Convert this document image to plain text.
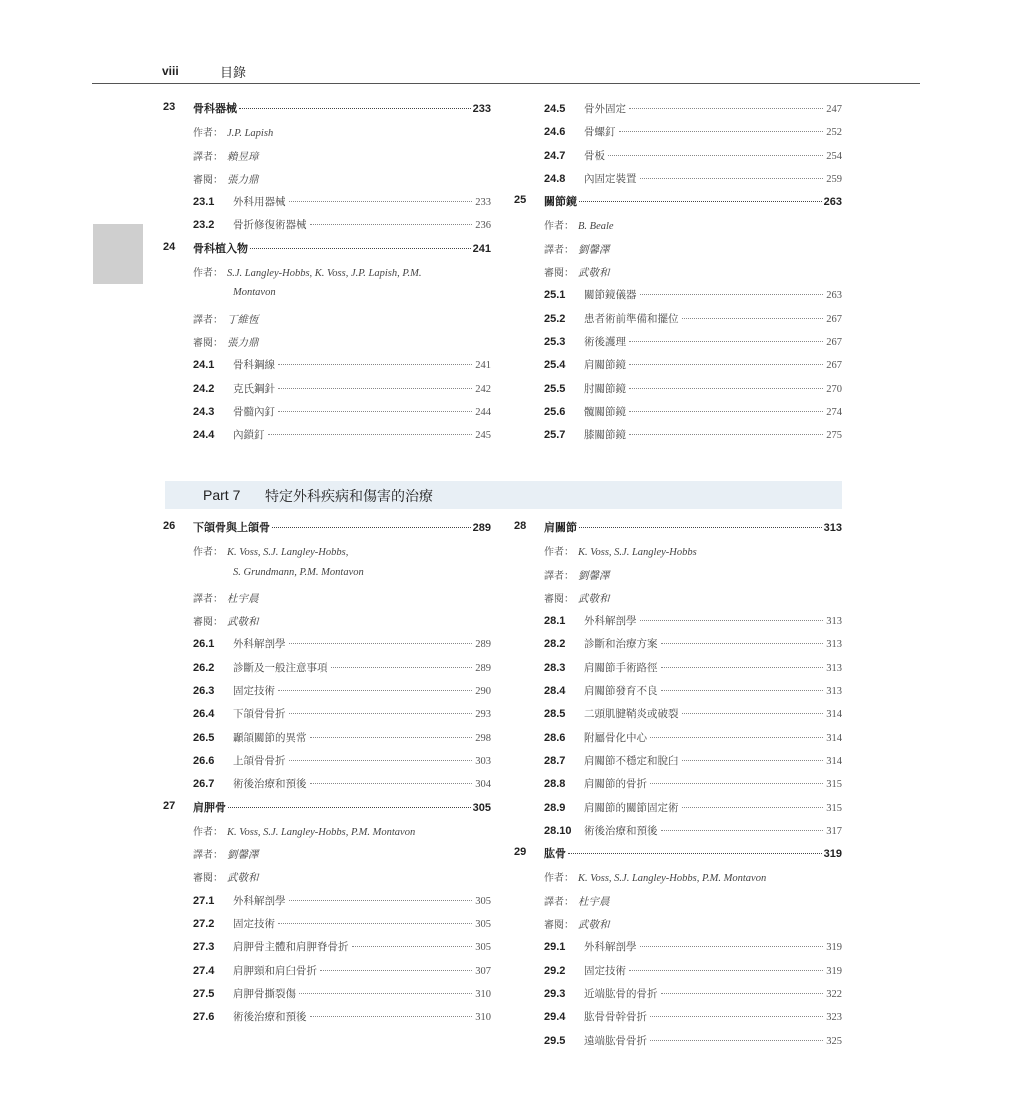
viii	目錄
23 骨科器械	233
作者： J.P. Lapish
譯者： 賴昱璋
審閱： 張力鼎
23.1	外科用器械	233
23.2	骨折修復術器械	236
24 骨科植入物	241
作者： S.J. Langley-Hobbs, K. Voss, J.P. Lapish, P.M.
Montavon
譯者： 丁維恆
審閱： 張力鼎
24.1	骨科鋼線	241
24.2	克氏鋼針	242
24.3	骨髓內釘	244
24.4	內鎖釘	245
24.5	骨外固定	247
24.6	骨螺釘	252
24.7	骨板	254
24.8	內固定裝置	259
25 關節鏡	263
作者： B. Beale
譯者： 劉馨澤
審閱： 武敬和
25.1	關節鏡儀器	263
25.2	患者術前準備和擺位	267
25.3	術後護理	267
25.4	肩關節鏡	267
25.5	肘關節鏡	270
25.6	髖關節鏡	274
25.7	膝關節鏡	275
Part 7 特定外科疾病和傷害的治療
26 下頜骨與上頜骨	289
作者： K. Voss, S.J. Langley-Hobbs,
S. Grundmann, P.M. Montavon
譯者： 杜宇晨
審閱： 武敬和
26.1	外科解剖學	289
26.2	診斷及一般注意事項	289
26.3	固定技術	290
26.4	下頜骨骨折	293
26.5	顳頜關節的異常	298
26.6	上頜骨骨折	303
26.7	術後治療和預後	304
27 肩胛骨	305
作者： K. Voss, S.J. Langley-Hobbs, P.M. Montavon
譯者： 劉馨澤
審閱： 武敬和
27.1	外科解剖學	305
27.2	固定技術	305
27.3	肩胛骨主體和肩胛脊骨折	305
27.4	肩胛頸和肩臼骨折	307
27.5	肩胛骨撕裂傷	310
27.6	術後治療和預後	310
28 肩關節	313
作者： K. Voss, S.J. Langley-Hobbs
譯者： 劉馨澤
審閱： 武敬和
28.1	外科解剖學	313
28.2	診斷和治療方案	313
28.3	肩關節手術路徑	313
28.4	肩關節發育不良	313
28.5	二頭肌腱鞘炎或破裂	314
28.6	附屬骨化中心	314
28.7	肩關節不穩定和脫臼	314
28.8	肩關節的骨折	315
28.9	肩關節的關節固定術	315
28.10	術後治療和預後	317
29 肱骨	319
作者： K. Voss, S.J. Langley-Hobbs, P.M. Montavon
譯者： 杜宇晨
審閱： 武敬和
29.1	外科解剖學	319
29.2	固定技術	319
29.3	近端肱骨的骨折	322
29.4	肱骨骨幹骨折	323
29.5	遠端肱骨骨折	325
